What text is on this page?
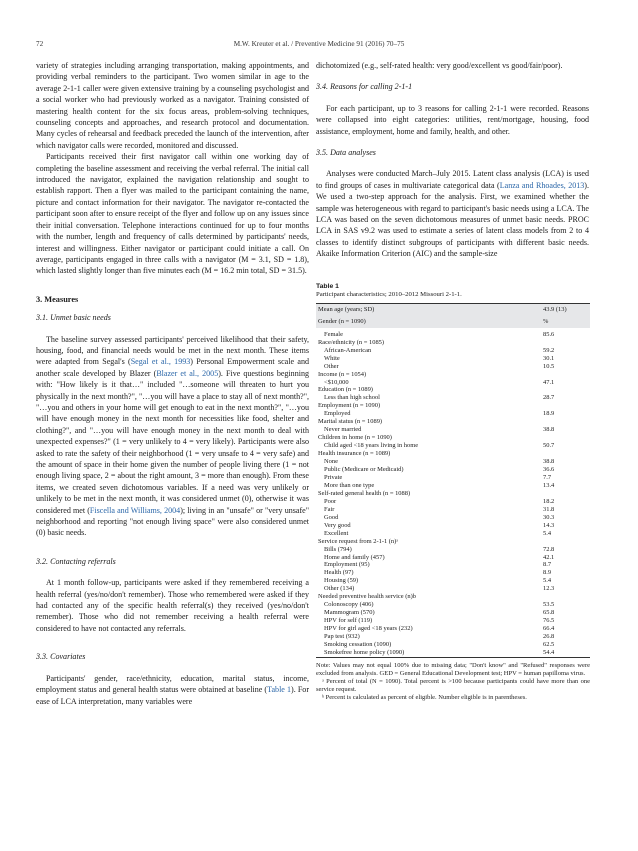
72	M.W. Kreuter et al. / Preventive Medicine 91 (2016) 70–75

variety of strategies including arranging transportation, making appointments, and providing verbal reminders to the participant. Two women similar in age to the average 2-1-1 caller were given extensive training by a counseling psychologist and a social worker who had previously worked as a navigator. Training consisted of mastering health content for the six focus areas, problem-solving techniques, counseling concepts and approaches, and research protocol and documentation. Many cycles of rehearsal and feedback preceded the launch of the intervention, after which navigator calls were recorded, monitored and discussed.

Participants received their first navigator call within one working day of completing the baseline assessment and receiving the verbal referral. The initial call introduced the navigator, explained the navigation relationship and sought to establish rapport. Then a flyer was mailed to the participant containing the name, picture and contact information for their navigator. The navigator re-contacted the participant soon after to ensure receipt of the flyer and follow up on any issues since their initial conversation. Telephone interactions continued for up to four months with the number, length and frequency of calls determined by participants' needs, interest and willingness. Either navigator or participant could initiate a call. On average, participants engaged in three calls with a navigator (M = 3.1, SD = 1.8), which lasted slightly longer than five minutes each (M = 16.2 min total, SD = 31.5).

3. Measures

3.1. Unmet basic needs

The baseline survey assessed participants' perceived likelihood that their safety, housing, food, and financial needs would be met in the next month. These items were adapted from Segal's (Segal et al., 1993) Personal Empowerment scale and another scale developed by Blazer (Blazer et al., 2005). Five questions beginning with: "How likely is it that…" included "…someone will threaten to hurt you physically in the next month?", "…you will have a place to stay all of next month?", "…you and others in your home will get enough to eat in the next month?", "…you will have enough money in the next month for necessities like food, shelter and clothing?", and "…you will have enough money in the next month to deal with unexpected expenses?" (1 = very unlikely to 4 = very likely). Participants were also asked to rate the safety of their neighborhood (1 = very unsafe to 4 = very safe) and the amount of space in their home given the number of people living there (1 = not enough living space, 2 = about the right amount, 3 = more than enough). From these items, we created seven dichotomous variables. If a need was very unlikely or unlikely to be met in the next month, it was considered unmet (0), otherwise it was considered met (Fiscella and Williams, 2004); living in an "unsafe" or "very unsafe" neighborhood and reporting "not enough living space" were also considered unmet (0) basic needs.

3.2. Contacting referrals

At 1 month follow-up, participants were asked if they remembered receiving a health referral (yes/no/don't remember). Those who remembered were asked if they had contacted any of the specific health referral(s) they received (yes/no/don't remember). Those who did not remember receiving a health referral were considered to have not contacted any referrals.

3.3. Covariates

Participants' gender, race/ethnicity, education, marital status, income, employment status and general health status were obtained at baseline (Table 1). For ease of LCA interpretation, many variables were

dichotomized (e.g., self-rated health: very good/excellent vs good/fair/poor).

3.4. Reasons for calling 2-1-1

For each participant, up to 3 reasons for calling 2-1-1 were recorded. Reasons were collapsed into eight categories: utilities, rent/mortgage, housing, food assistance, employment, home and family, health, and other.

3.5. Data analyses

Analyses were conducted March–July 2015. Latent class analysis (LCA) is used to find groups of cases in multivariate categorical data (Lanza and Rhoades, 2013). We used a two-step approach for the analysis. First, we examined whether the sample was heterogeneous with regard to participant's basic needs using a LCA. The LCA was based on the seven dichotomous measures of unmet basic needs. PROC LCA in SAS v9.2 was used to estimate a series of latent class models from 2 to 4 classes to identify distinct subgroups of participants with different basic needs. Akaike Information Criterion (AIC) and the sample-size

Table 1
Participant characteristics; 2010–2012 Missouri 2-1-1.
Mean age (years; SD)	43.9 (13)
Gender (n = 1090)	%

Female	85.6
Race/ethnicity (n = 1085)	
African-American	59.2
White	30.1
Other	10.5
Income (n = 1054)	
<$10,000	47.1
Education (n = 1089)	
Less than high school	28.7
Employment (n = 1090)	
Employed	18.9
Marital status (n = 1089)	
Never married	38.8
Children in home (n = 1090)	
Child aged <18 years living in home	50.7
Health insurance (n = 1089)	
None	38.8
Public (Medicare or Medicaid)	36.6
Private	7.7
More than one type	13.4
Self-rated general health (n = 1088)	
Poor	18.2
Fair	31.8
Good	30.3
Very good	14.3
Excellent	5.4
Service request from 2-1-1 (n)ᵃ	
Bills (794)	72.8
Home and family (457)	42.1
Employment (95)	8.7
Health (97)	8.9
Housing (59)	5.4
Other (134)	12.3
Needed preventive health service (n)b	
Colonoscopy (406)	53.5
Mammogram (570)	65.8
HPV for self (119)	76.5
HPV for girl aged <18 years (232)	66.4
Pap test (932)	26.8
Smoking cessation (1090)	62.5
Smokefree home policy (1090)	54.4

Note: Values may not equal 100% due to missing data; "Don't know" and "Refused" responses were excluded from analysis. GED = General Educational Development test; HPV = human papilloma virus.

ᵃ Percent of total (N = 1090). Total percent is >100 because participants could have more than one service request.

ᵇ Percent is calculated as percent of eligible. Number eligible is in parentheses.
